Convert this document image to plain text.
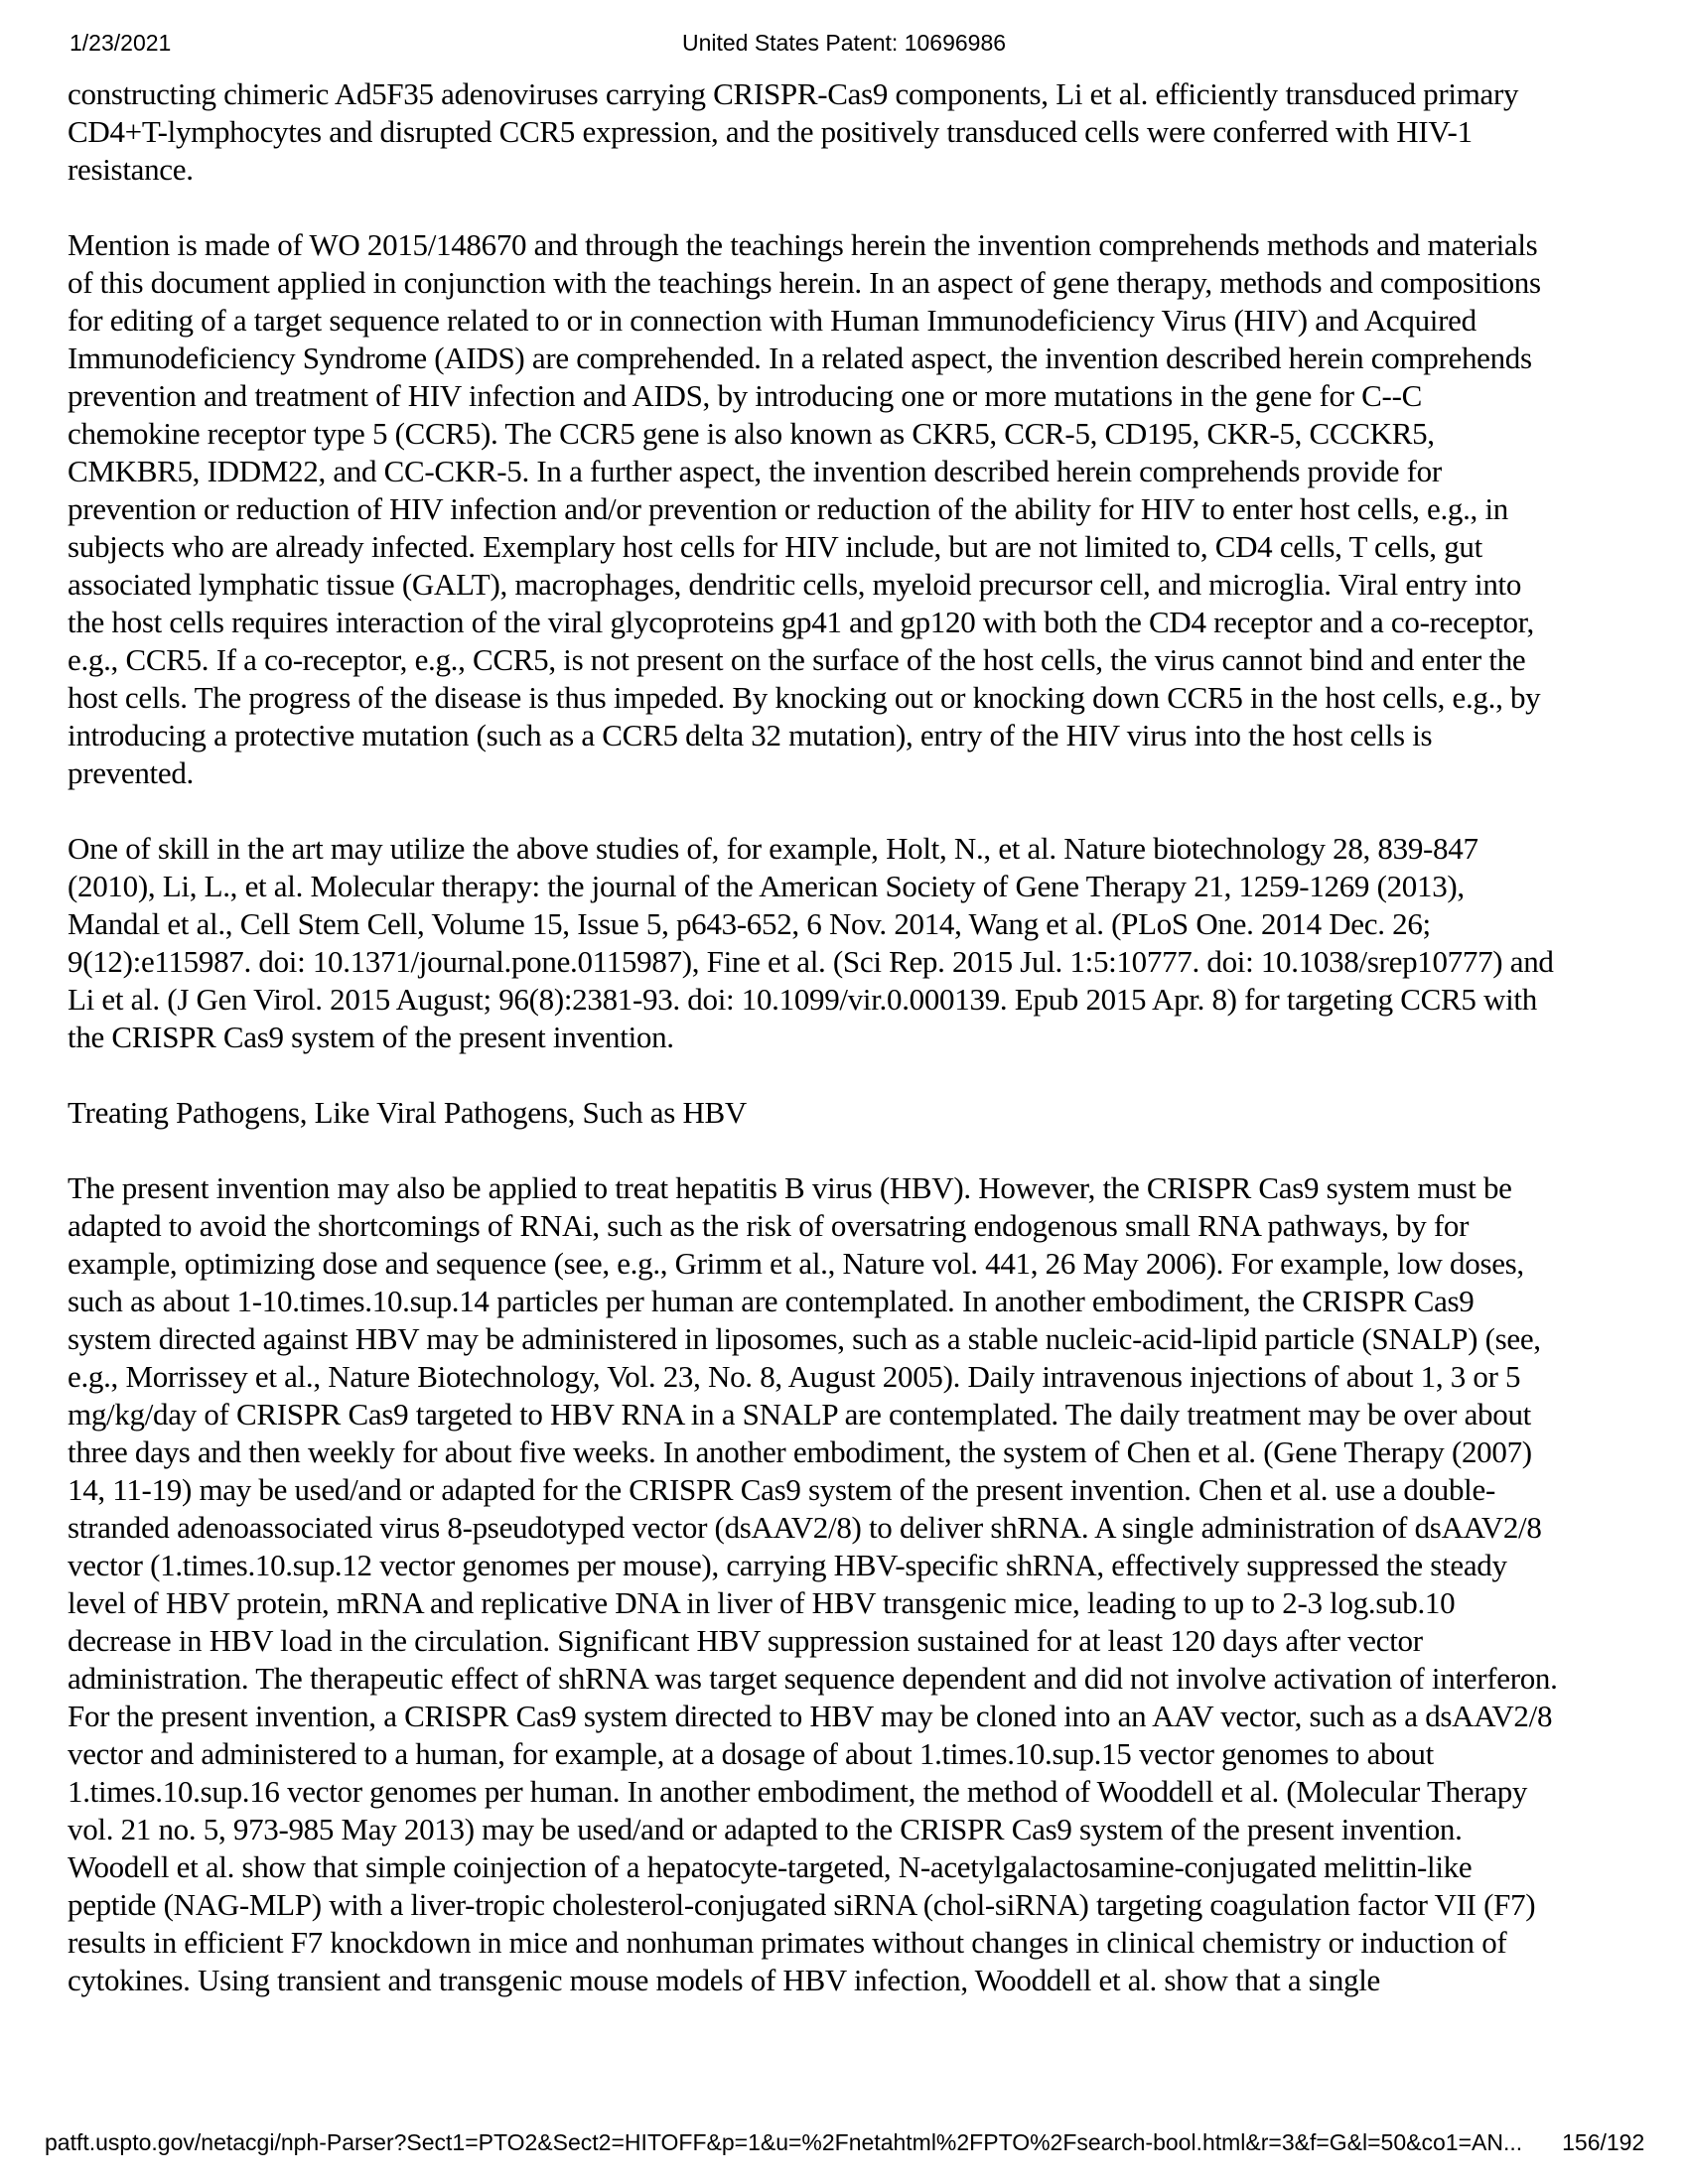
1/23/2021	United States Patent: 10696986

constructing chimeric Ad5F35 adenoviruses carrying CRISPR-Cas9 components, Li et al. efficiently transduced primary CD4+T-lymphocytes and disrupted CCR5 expression, and the positively transduced cells were conferred with HIV-1 resistance.

Mention is made of WO 2015/148670 and through the teachings herein the invention comprehends methods and materials of this document applied in conjunction with the teachings herein. In an aspect of gene therapy, methods and compositions for editing of a target sequence related to or in connection with Human Immunodeficiency Virus (HIV) and Acquired Immunodeficiency Syndrome (AIDS) are comprehended. In a related aspect, the invention described herein comprehends prevention and treatment of HIV infection and AIDS, by introducing one or more mutations in the gene for C--C chemokine receptor type 5 (CCR5). The CCR5 gene is also known as CKR5, CCR-5, CD195, CKR-5, CCCKR5, CMKBR5, IDDM22, and CC-CKR-5. In a further aspect, the invention described herein comprehends provide for prevention or reduction of HIV infection and/or prevention or reduction of the ability for HIV to enter host cells, e.g., in subjects who are already infected. Exemplary host cells for HIV include, but are not limited to, CD4 cells, T cells, gut associated lymphatic tissue (GALT), macrophages, dendritic cells, myeloid precursor cell, and microglia. Viral entry into the host cells requires interaction of the viral glycoproteins gp41 and gp120 with both the CD4 receptor and a co-receptor, e.g., CCR5. If a co-receptor, e.g., CCR5, is not present on the surface of the host cells, the virus cannot bind and enter the host cells. The progress of the disease is thus impeded. By knocking out or knocking down CCR5 in the host cells, e.g., by introducing a protective mutation (such as a CCR5 delta 32 mutation), entry of the HIV virus into the host cells is prevented.

One of skill in the art may utilize the above studies of, for example, Holt, N., et al. Nature biotechnology 28, 839-847 (2010), Li, L., et al. Molecular therapy: the journal of the American Society of Gene Therapy 21, 1259-1269 (2013), Mandal et al., Cell Stem Cell, Volume 15, Issue 5, p643-652, 6 Nov. 2014, Wang et al. (PLoS One. 2014 Dec. 26; 9(12):e115987. doi: 10.1371/journal.pone.0115987), Fine et al. (Sci Rep. 2015 Jul. 1:5:10777. doi: 10.1038/srep10777) and Li et al. (J Gen Virol. 2015 August; 96(8):2381-93. doi: 10.1099/vir.0.000139. Epub 2015 Apr. 8) for targeting CCR5 with the CRISPR Cas9 system of the present invention.

Treating Pathogens, Like Viral Pathogens, Such as HBV

The present invention may also be applied to treat hepatitis B virus (HBV). However, the CRISPR Cas9 system must be adapted to avoid the shortcomings of RNAi, such as the risk of oversatring endogenous small RNA pathways, by for example, optimizing dose and sequence (see, e.g., Grimm et al., Nature vol. 441, 26 May 2006). For example, low doses, such as about 1-10.times.10.sup.14 particles per human are contemplated. In another embodiment, the CRISPR Cas9 system directed against HBV may be administered in liposomes, such as a stable nucleic-acid-lipid particle (SNALP) (see, e.g., Morrissey et al., Nature Biotechnology, Vol. 23, No. 8, August 2005). Daily intravenous injections of about 1, 3 or 5 mg/kg/day of CRISPR Cas9 targeted to HBV RNA in a SNALP are contemplated. The daily treatment may be over about three days and then weekly for about five weeks. In another embodiment, the system of Chen et al. (Gene Therapy (2007) 14, 11-19) may be used/and or adapted for the CRISPR Cas9 system of the present invention. Chen et al. use a double-stranded adenoassociated virus 8-pseudotyped vector (dsAAV2/8) to deliver shRNA. A single administration of dsAAV2/8 vector (1.times.10.sup.12 vector genomes per mouse), carrying HBV-specific shRNA, effectively suppressed the steady level of HBV protein, mRNA and replicative DNA in liver of HBV transgenic mice, leading to up to 2-3 log.sub.10 decrease in HBV load in the circulation. Significant HBV suppression sustained for at least 120 days after vector administration. The therapeutic effect of shRNA was target sequence dependent and did not involve activation of interferon. For the present invention, a CRISPR Cas9 system directed to HBV may be cloned into an AAV vector, such as a dsAAV2/8 vector and administered to a human, for example, at a dosage of about 1.times.10.sup.15 vector genomes to about 1.times.10.sup.16 vector genomes per human. In another embodiment, the method of Wooddell et al. (Molecular Therapy vol. 21 no. 5, 973-985 May 2013) may be used/and or adapted to the CRISPR Cas9 system of the present invention. Woodell et al. show that simple coinjection of a hepatocyte-targeted, N-acetylgalactosamine-conjugated melittin-like peptide (NAG-MLP) with a liver-tropic cholesterol-conjugated siRNA (chol-siRNA) targeting coagulation factor VII (F7) results in efficient F7 knockdown in mice and nonhuman primates without changes in clinical chemistry or induction of cytokines. Using transient and transgenic mouse models of HBV infection, Wooddell et al. show that a single

patft.uspto.gov/netacgi/nph-Parser?Sect1=PTO2&Sect2=HITOFF&p=1&u=%2Fnetahtml%2FPTO%2Fsearch-bool.html&r=3&f=G&l=50&co1=AN... 156/192
